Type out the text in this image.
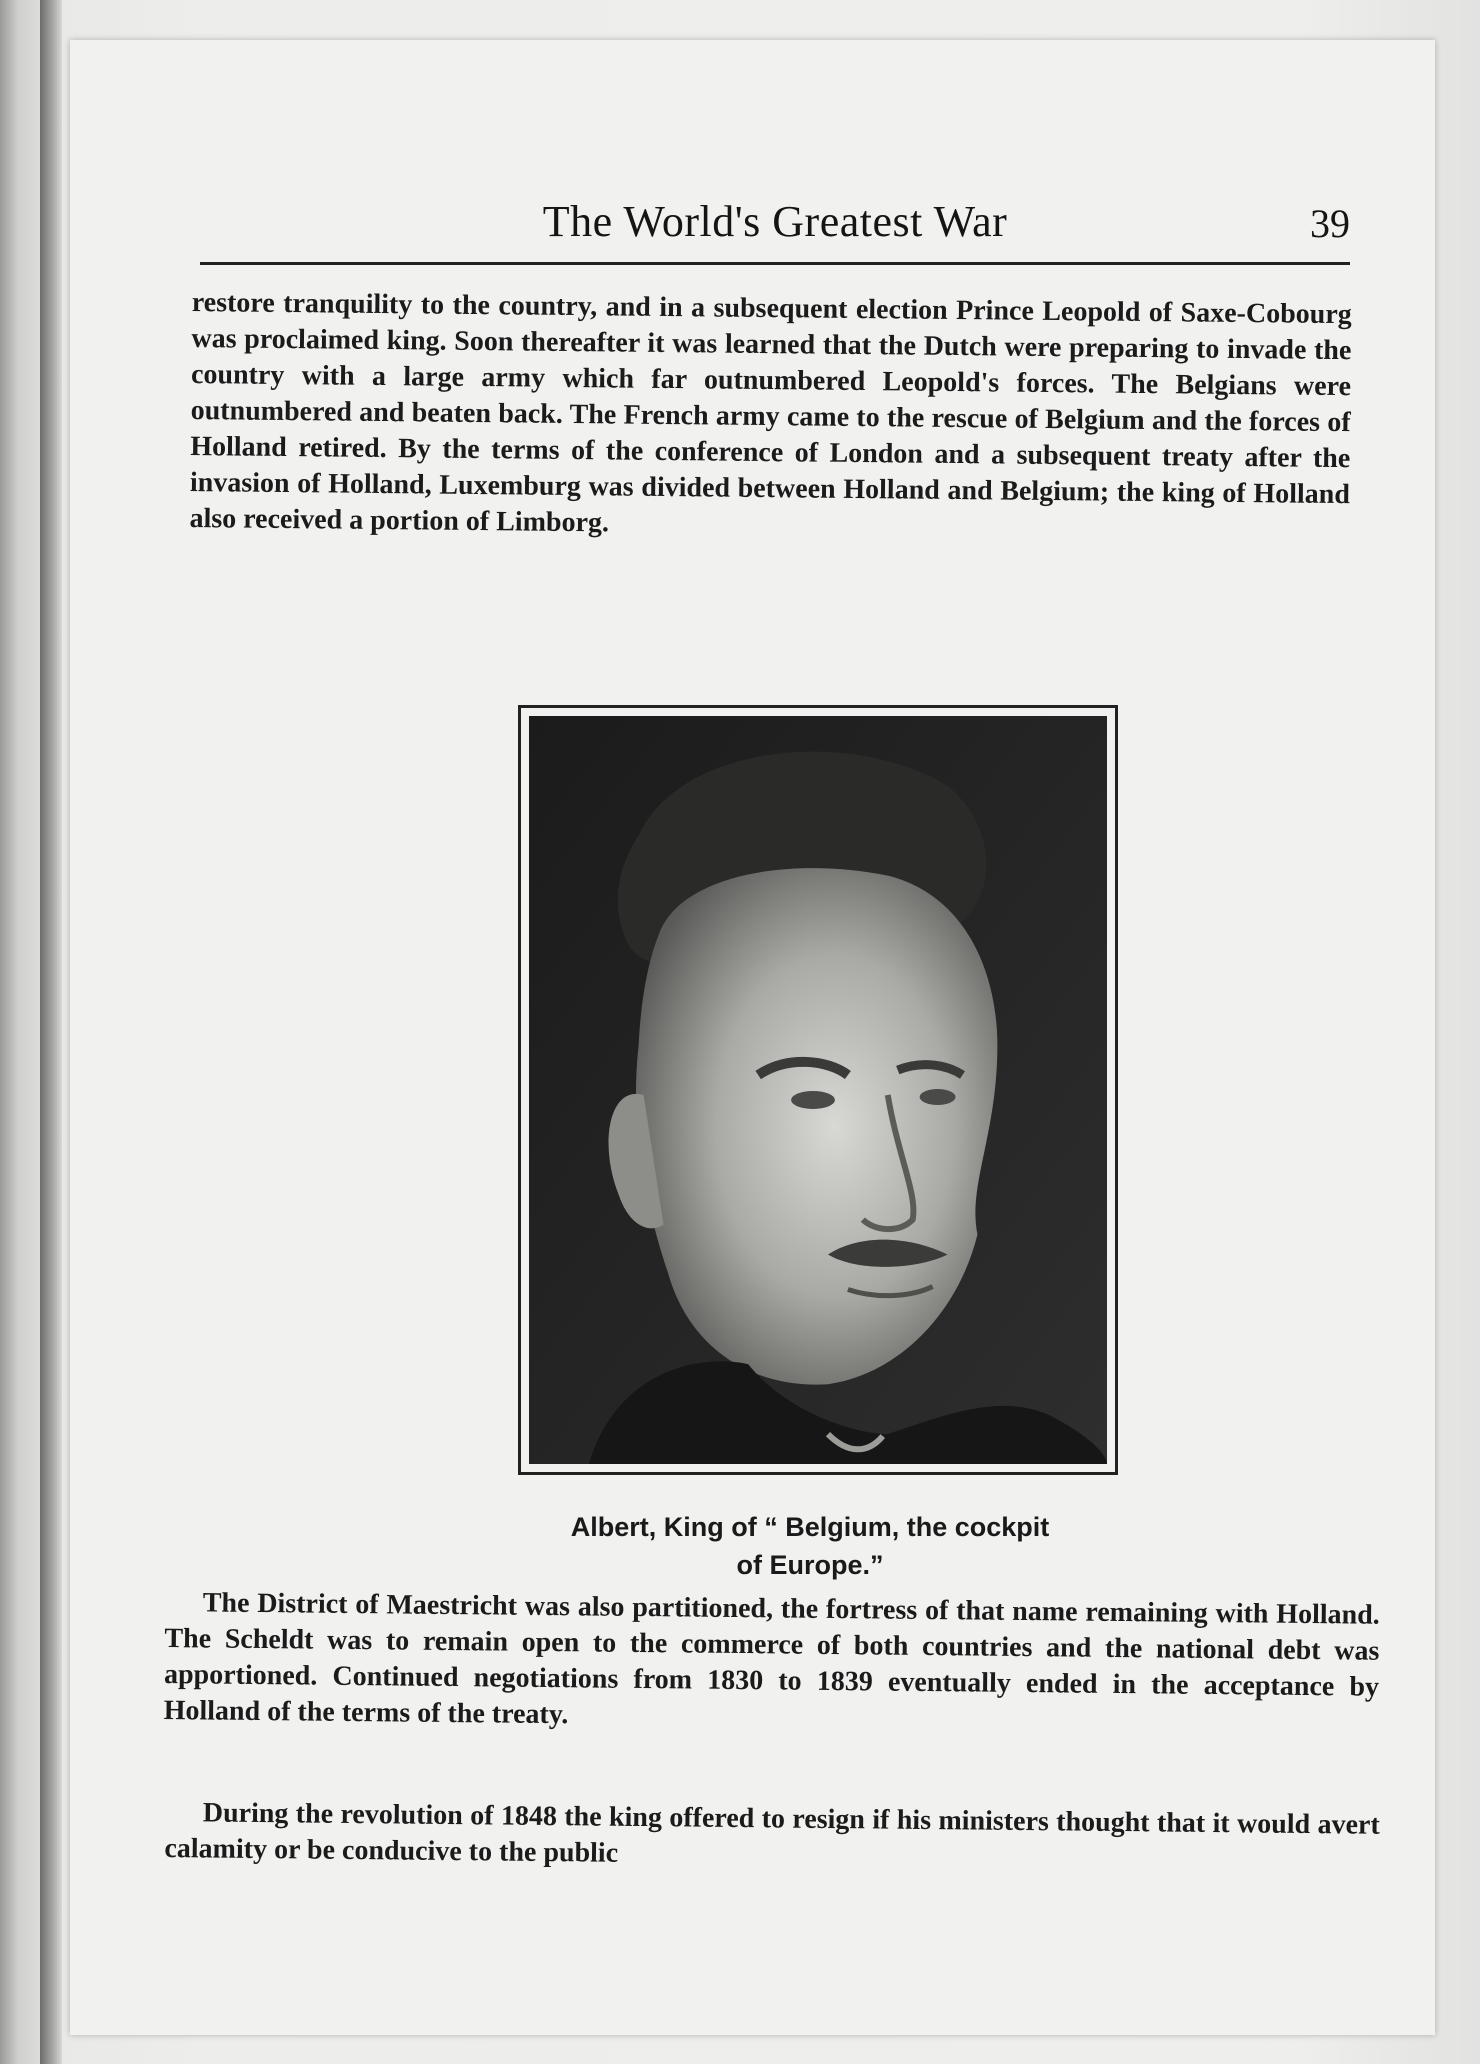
The World's Greatest War	39

restore tranquility to the country, and in a subsequent election Prince Leopold of Saxe-Cobourg was proclaimed king. Soon thereafter it was learned that the Dutch were preparing to invade the country with a large army which far outnumbered Leopold's forces. The Belgians were outnumbered and beaten back. The French army came to the rescue of Belgium and the forces of Holland retired. By the terms of the conference of London and a subsequent treaty after the invasion of Holland, Luxemburg was divided between Holland and Belgium; the king of Holland also received a portion of Limborg.

Albert, King of “ Belgium, the cockpit
of Europe.”

The District of Maestricht was also partitioned, the fortress of that name remaining with Holland. The Scheldt was to remain open to the commerce of both countries and the national debt was apportioned. Continued negotiations from 1830 to 1839 eventually ended in the acceptance by Holland of the terms of the treaty.

During the revolution of 1848 the king offered to resign if his ministers thought that it would avert calamity or be conducive to the public
